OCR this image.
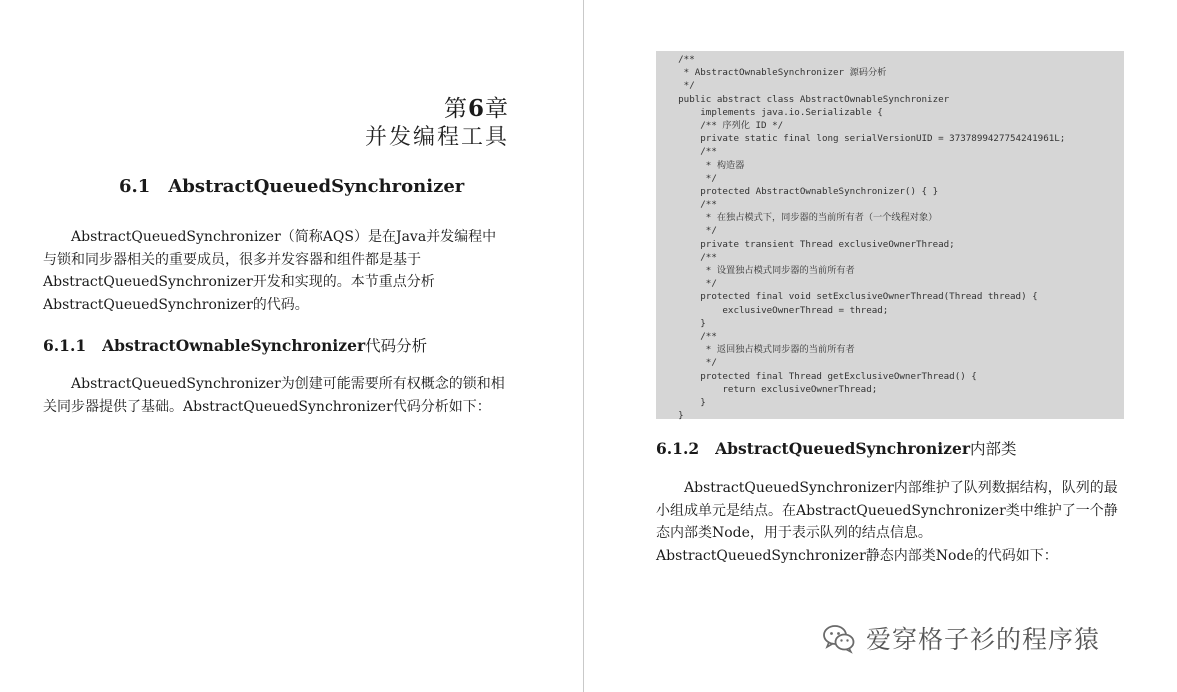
第6章
并发编程工具
6.1 AbstractQueuedSynchronizer
AbstractQueuedSynchronizer（简称AQS）是在Java并发编程中与锁和同步器相关的重要成员，很多并发容器和组件都是基于AbstractQueuedSynchronizer开发和实现的。本节重点分析AbstractQueuedSynchronizer的代码。
6.1.1 AbstractOwnableSynchronizer代码分析
AbstractQueuedSynchronizer为创建可能需要所有权概念的锁和相关同步器提供了基础。AbstractQueuedSynchronizer代码分析如下：
/**
* AbstractOwnableSynchronizer 源码分析
*/
public abstract class AbstractOwnableSynchronizer
implements java.io.Serializable {
/** 序列化 ID */
private static final long serialVersionUID = 3737899427754241961L;
/**
* 构造器
*/
protected AbstractOwnableSynchronizer() { }
/**
* 在独占模式下，同步器的当前所有者（一个线程对象）
*/
private transient Thread exclusiveOwnerThread;
/**
* 设置独占模式同步器的当前所有者
*/
protected final void setExclusiveOwnerThread(Thread thread) {
exclusiveOwnerThread = thread;
}
/**
* 返回独占模式同步器的当前所有者
*/
protected final Thread getExclusiveOwnerThread() {
return exclusiveOwnerThread;
}
}
6.1.2 AbstractQueuedSynchronizer内部类
AbstractQueuedSynchronizer内部维护了队列数据结构，队列的最小组成单元是结点。在AbstractQueuedSynchronizer类中维护了一个静态内部类Node，用于表示队列的结点信息。AbstractQueuedSynchronizer静态内部类Node的代码如下：
爱穿格子衫的程序猿
